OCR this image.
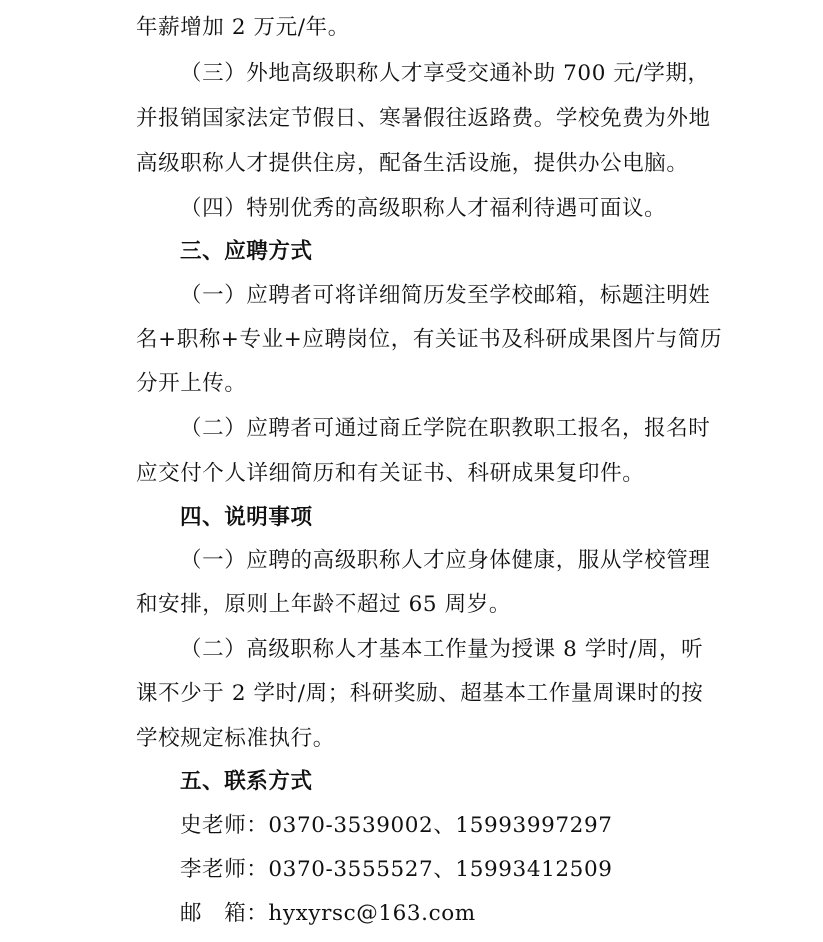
年薪增加 2 万元/年。
（三）外地高级职称人才享受交通补助 700 元/学期，
并报销国家法定节假日、寒暑假往返路费。学校免费为外地
高级职称人才提供住房，配备生活设施，提供办公电脑。
（四）特别优秀的高级职称人才福利待遇可面议。
三、应聘方式
（一）应聘者可将详细简历发至学校邮箱，标题注明姓
名+职称+专业+应聘岗位，有关证书及科研成果图片与简历
分开上传。
（二）应聘者可通过商丘学院在职教职工报名，报名时
应交付个人详细简历和有关证书、科研成果复印件。
四、说明事项
（一）应聘的高级职称人才应身体健康，服从学校管理
和安排，原则上年龄不超过 65 周岁。
（二）高级职称人才基本工作量为授课 8 学时/周，听
课不少于 2 学时/周；科研奖励、超基本工作量周课时的按
学校规定标准执行。
五、联系方式
史老师：0370-3539002、15993997297
李老师：0370-3555527、15993412509
邮　箱：hyxyrsc@163.com
